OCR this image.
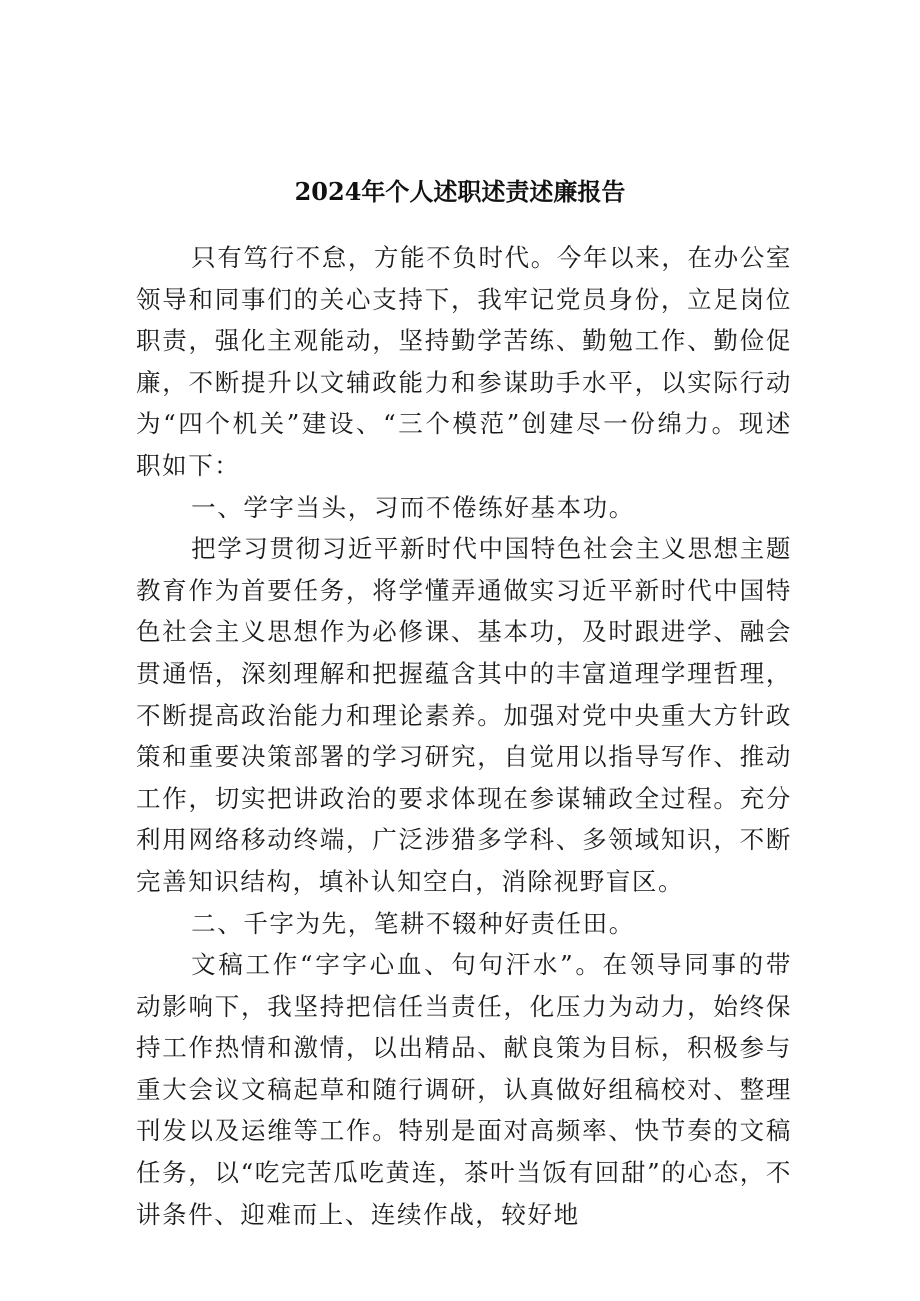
2024年个人述职述责述廉报告

只有笃行不怠，方能不负时代。今年以来，在办公室领导和同事们的关心支持下，我牢记党员身份，立足岗位职责，强化主观能动，坚持勤学苦练、勤勉工作、勤俭促廉，不断提升以文辅政能力和参谋助手水平，以实际行动为“四个机关”建设、“三个模范”创建尽一份绵力。现述职如下：

一、学字当头，习而不倦练好基本功。

把学习贯彻习近平新时代中国特色社会主义思想主题教育作为首要任务，将学懂弄通做实习近平新时代中国特色社会主义思想作为必修课、基本功，及时跟进学、融会贯通悟，深刻理解和把握蕴含其中的丰富道理学理哲理，不断提高政治能力和理论素养。加强对党中央重大方针政策和重要决策部署的学习研究，自觉用以指导写作、推动工作，切实把讲政治的要求体现在参谋辅政全过程。充分利用网络移动终端，广泛涉猎多学科、多领域知识，不断完善知识结构，填补认知空白，消除视野盲区。

二、千字为先，笔耕不辍种好责任田。

文稿工作“字字心血、句句汗水”。在领导同事的带动影响下，我坚持把信任当责任，化压力为动力，始终保持工作热情和激情，以出精品、献良策为目标，积极参与重大会议文稿起草和随行调研，认真做好组稿校对、整理刊发以及运维等工作。特别是面对高频率、快节奏的文稿任务，以“吃完苦瓜吃黄连，茶叶当饭有回甜”的心态，不讲条件、迎难而上、连续作战，较好地
